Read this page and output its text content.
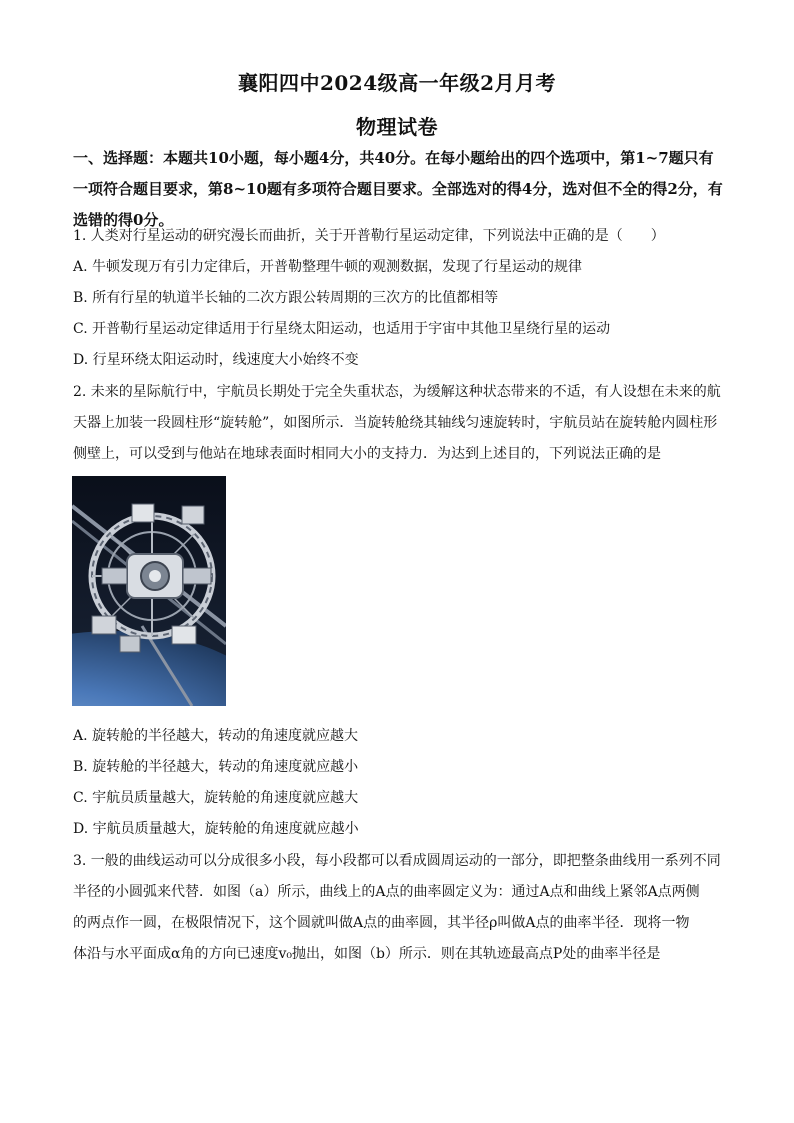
襄阳四中2024级高一年级2月月考
物理试卷
一、选择题：本题共10小题，每小题4分，共40分。在每小题给出的四个选项中，第1~7题只有一项符合题目要求，第8~10题有多项符合题目要求。全部选对的得4分，选对但不全的得2分，有选错的得0分。
1. 人类对行星运动的研究漫长而曲折，关于开普勒行星运动定律，下列说法中正确的是（　　）
A. 牛顿发现万有引力定律后，开普勒整理牛顿的观测数据，发现了行星运动的规律
B. 所有行星的轨道半长轴的二次方跟公转周期的三次方的比值都相等
C. 开普勒行星运动定律适用于行星绕太阳运动，也适用于宇宙中其他卫星绕行星的运动
D. 行星环绕太阳运动时，线速度大小始终不变
2. 未来的星际航行中，宇航员长期处于完全失重状态，为缓解这种状态带来的不适，有人设想在未来的航
天器上加装一段圆柱形“旋转舱”，如图所示．当旋转舱绕其轴线匀速旋转时，宇航员站在旋转舱内圆柱形
侧壁上，可以受到与他站在地球表面时相同大小的支持力．为达到上述目的，下列说法正确的是
A. 旋转舱的半径越大，转动的角速度就应越大
B. 旋转舱的半径越大，转动的角速度就应越小
C. 宇航员质量越大，旋转舱的角速度就应越大
D. 宇航员质量越大，旋转舱的角速度就应越小
3. 一般的曲线运动可以分成很多小段，每小段都可以看成圆周运动的一部分，即把整条曲线用一系列不同
半径的小圆弧来代替．如图（a）所示，曲线上的A点的曲率圆定义为：通过A点和曲线上紧邻A点两侧
的两点作一圆，在极限情况下，这个圆就叫做A点的曲率圆，其半径ρ叫做A点的曲率半径．现将一物
体沿与水平面成α角的方向已速度v₀抛出，如图（b）所示．则在其轨迹最高点P处的曲率半径是
